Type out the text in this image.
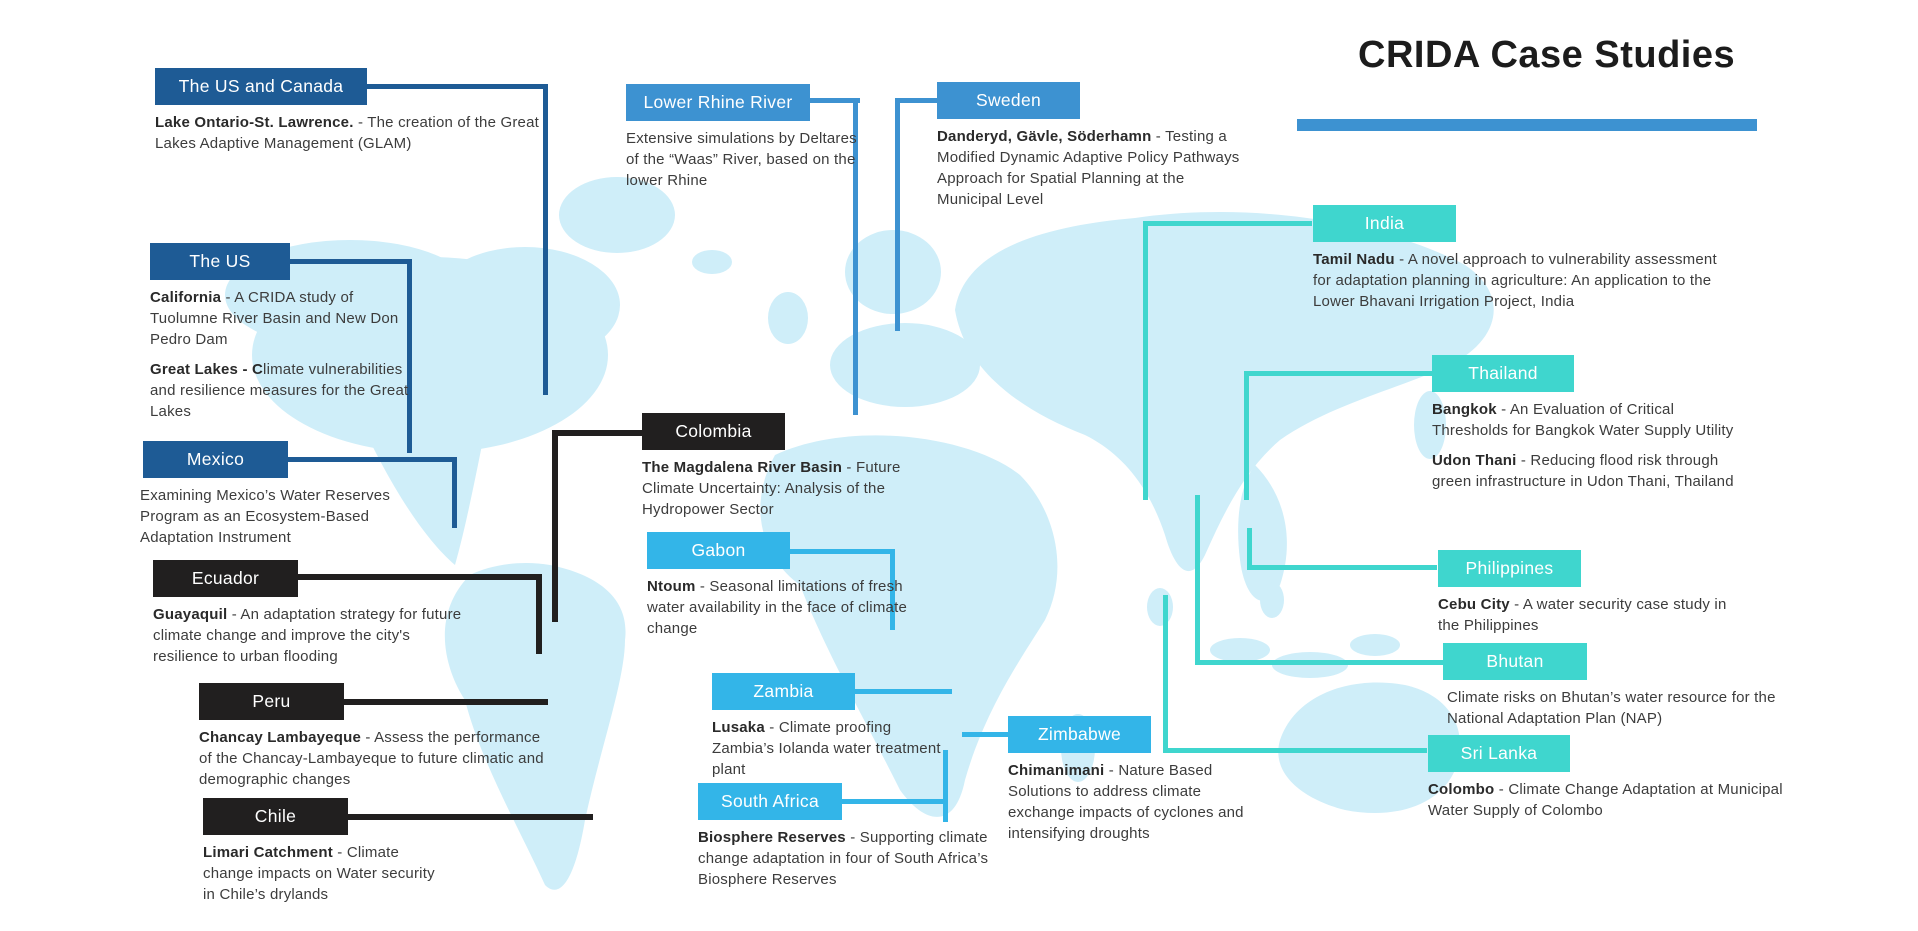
CRIDA Case Studies
The US and Canada

Lake Ontario-St. Lawrence. - The creation of the Great Lakes Adaptive Management (GLAM)

The US

California - A CRIDA study of Tuolumne River Basin and New Don Pedro Dam

Great Lakes - Climate vulnerabilities and resilience measures for the Great Lakes

Mexico

Examining Mexico’s Water Reserves Program as an Ecosystem-Based Adaptation Instrument

Ecuador

Guayaquil - An adaptation strategy for future climate change and improve the city's resilience to urban flooding

Peru

Chancay Lambayeque - Assess the performance of the Chancay-Lambayeque to future climatic and demographic changes

Chile

Limari Catchment - Climate change impacts on Water security in Chile’s drylands

Lower Rhine River

Extensive simulations by Deltares of the “Waas” River, based on the lower Rhine

Sweden

Danderyd, Gävle, Söderhamn - Testing a Modified Dynamic Adaptive Policy Pathways Approach for Spatial Planning at the Municipal Level

Colombia

The Magdalena River Basin - Future Climate Uncertainty: Analysis of the Hydropower Sector

Gabon

Ntoum - Seasonal limitations of fresh water availability in the face of climate change

Zambia

Lusaka - Climate proofing Zambia’s Iolanda water treatment plant

South Africa

Biosphere Reserves - Supporting climate change adaptation in four of South Africa’s Biosphere Reserves

Zimbabwe

Chimanimani - Nature Based Solutions to address climate exchange impacts of cyclones and intensifying droughts

India

Tamil Nadu - A novel approach to vulnerability assessment for adaptation planning in agriculture: An application to the Lower Bhavani Irrigation Project, India

Thailand

Bangkok - An Evaluation of Critical Thresholds for Bangkok Water Supply Utility

Udon Thani - Reducing flood risk through green infrastructure in Udon Thani, Thailand

Philippines

Cebu City - A water security case study in the Philippines

Bhutan

Climate risks on Bhutan’s water resource for the National Adaptation Plan (NAP)

Sri Lanka

Colombo - Climate Change Adaptation at Municipal Water Supply of Colombo
